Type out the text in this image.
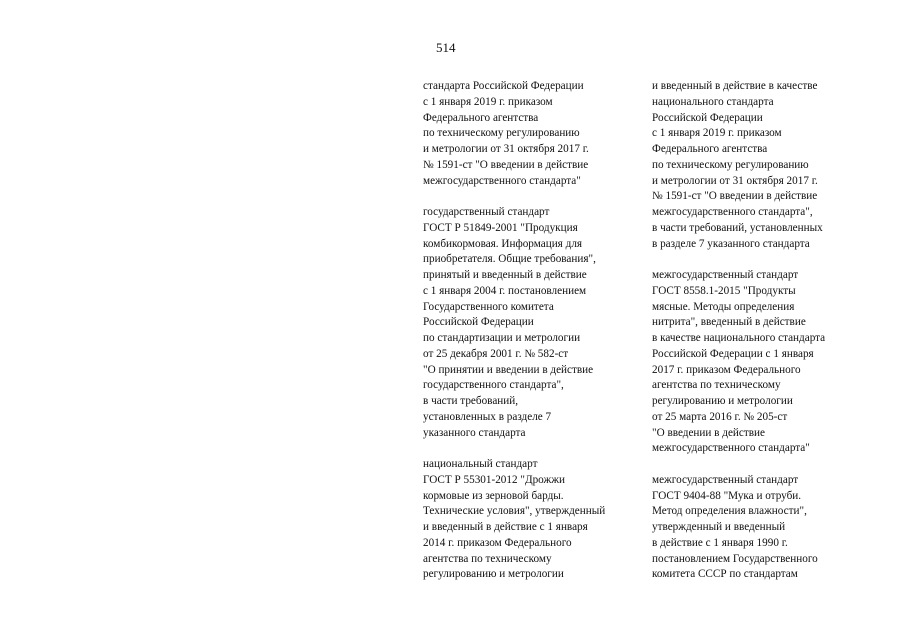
514
стандарта Российской Федерации
с 1 января 2019 г. приказом
Федерального агентства
по техническому регулированию
и метрологии от 31 октября 2017 г.
№ 1591-ст "О введении в действие
межгосударственного стандарта"
государственный стандарт
ГОСТ Р 51849-2001 "Продукция
комбикормовая. Информация для
приобретателя. Общие требования",
принятый и введенный в действие
с 1 января 2004 г. постановлением
Государственного комитета
Российской Федерации
по стандартизации и метрологии
от 25 декабря 2001 г. № 582-ст
"О принятии и введении в действие
государственного стандарта",
в части требований,
установленных в разделе 7
указанного стандарта
национальный стандарт
ГОСТ Р 55301-2012 "Дрожжи
кормовые из зерновой барды.
Технические условия", утвержденный
и введенный в действие с 1 января
2014 г. приказом Федерального
агентства по техническому
регулированию и метрологии
и введенный в действие в качестве
национального стандарта
Российской Федерации
с 1 января 2019 г. приказом
Федерального агентства
по техническому регулированию
и метрологии от 31 октября 2017 г.
№ 1591-ст "О введении в действие
межгосударственного стандарта",
в части требований, установленных
в разделе 7 указанного стандарта
межгосударственный стандарт
ГОСТ 8558.1-2015 "Продукты
мясные. Методы определения
нитрита", введенный в действие
в качестве национального стандарта
Российской Федерации с 1 января
2017 г. приказом Федерального
агентства по техническому
регулированию и метрологии
от 25 марта 2016 г. № 205-ст
"О введении в действие
межгосударственного стандарта"
межгосударственный стандарт
ГОСТ 9404-88 "Мука и отруби.
Метод определения влажности",
утвержденный и введенный
в действие с 1 января 1990 г.
постановлением Государственного
комитета СССР по стандартам
